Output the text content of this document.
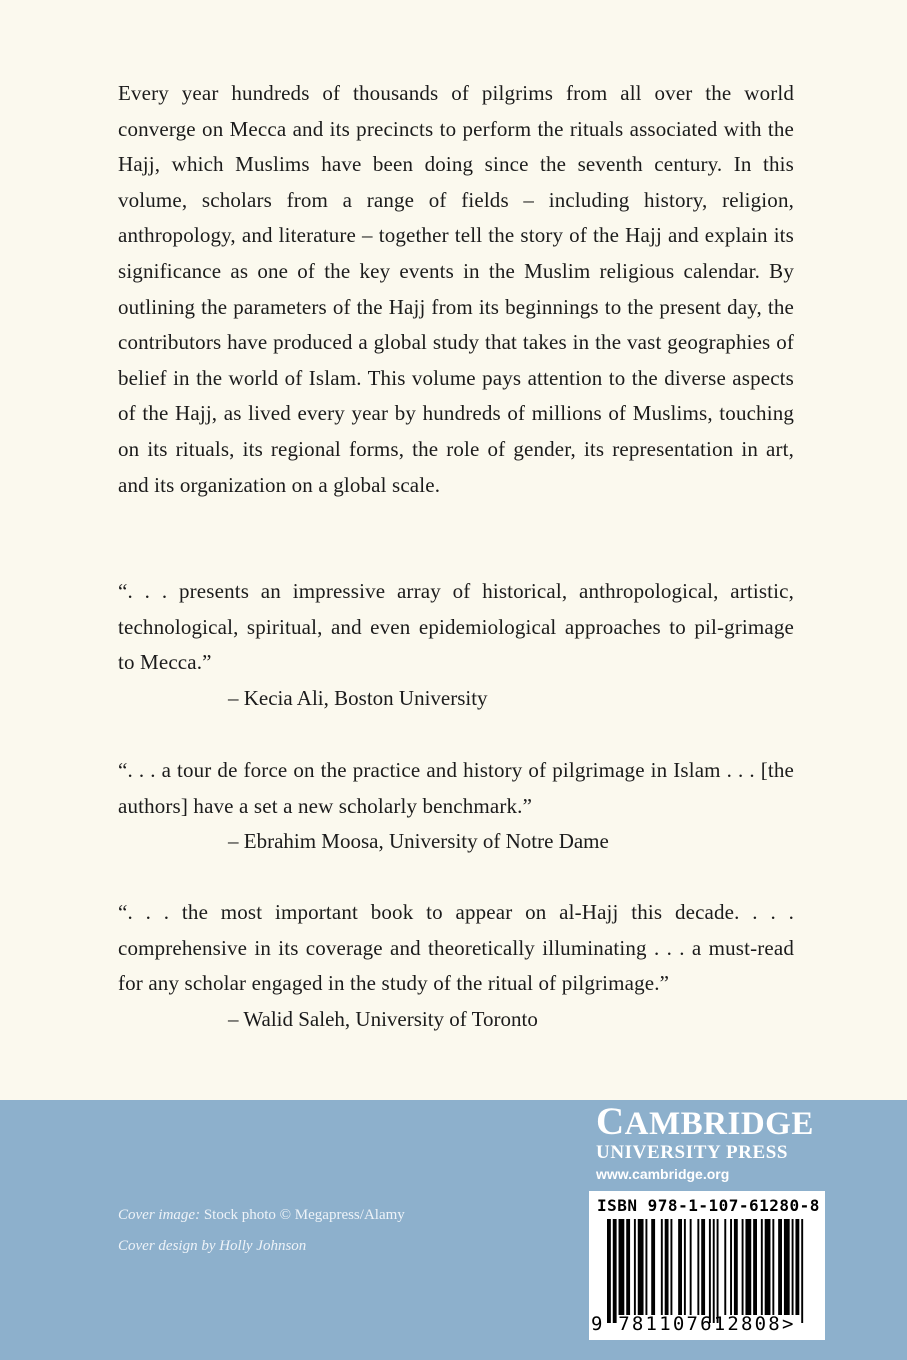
Every year hundreds of thousands of pilgrims from all over the world converge on Mecca and its precincts to perform the rituals associated with the Hajj, which Muslims have been doing since the seventh century. In this volume, scholars from a range of fields – including history, religion, anthropology, and literature – together tell the story of the Hajj and explain its significance as one of the key events in the Muslim religious calendar. By outlining the parameters of the Hajj from its beginnings to the present day, the contributors have produced a global study that takes in the vast geographies of belief in the world of Islam. This volume pays attention to the diverse aspects of the Hajj, as lived every year by hundreds of millions of Muslims, touching on its rituals, its regional forms, the role of gender, its representation in art, and its organization on a global scale.

“. . . presents an impressive array of historical, anthropological, artistic, technological, spiritual, and even epidemiological approaches to pil-grimage to Mecca.”

– Kecia Ali, Boston University

“. . . a tour de force on the practice and history of pilgrimage in Islam . . . [the authors] have a set a new scholarly benchmark.”

– Ebrahim Moosa, University of Notre Dame

“. . . the most important book to appear on al-Hajj this decade. . . . comprehensive in its coverage and theoretically illuminating . . . a must-read for any scholar engaged in the study of the ritual of pilgrimage.”

– Walid Saleh, University of Toronto

Cover image: Stock photo © Megapress/Alamy
Cover design by Holly Johnson
CAMBRIDGE
UNIVERSITY PRESS
www.cambridge.org
ISBN 978-1-107-61280-8
9  781107612808>
